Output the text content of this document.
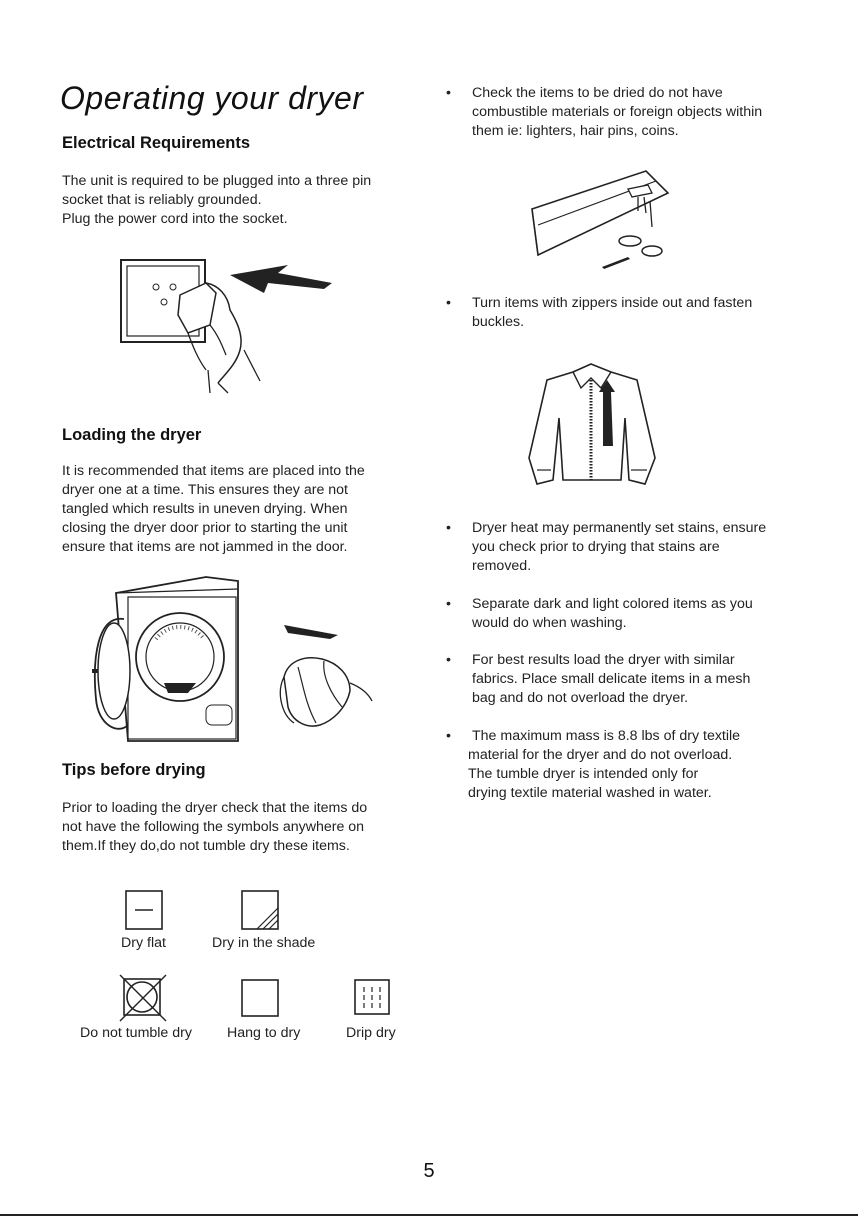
Operating your dryer
Electrical Requirements
The unit is required to be plugged into a three pin
socket that is reliably grounded.
Plug the power cord into the socket.
Loading the dryer
It is recommended that items are placed into the
dryer one at a time. This ensures they are not
tangled which results in uneven drying. When
closing the dryer door prior to starting the unit
ensure that items are not jammed in the door.
Tips before drying
Prior to loading the dryer check that the items do
not have the following the symbols anywhere on
them.If they do,do not tumble dry these items.
Dry flat	Dry in the shade
Do not tumble dry Hang to dry	Drip dry
• Check the items to be dried do not have
combustible materials or foreign objects within
them ie: lighters, hair pins, coins.
• Turn items with zippers inside out and fasten
buckles.
• Dryer heat may permanently set stains, ensure
you check prior to drying that stains are
removed.
• Separate dark and light colored items as you
would do when washing.
• For best results load the dryer with similar
fabrics. Place small delicate items in a mesh
bag and do not overload the dryer.
• The maximum mass is 8.8 lbs of dry textile
material for the dryer and do not overload.
The tumble dryer is intended only for
drying textile material washed in water.
5
